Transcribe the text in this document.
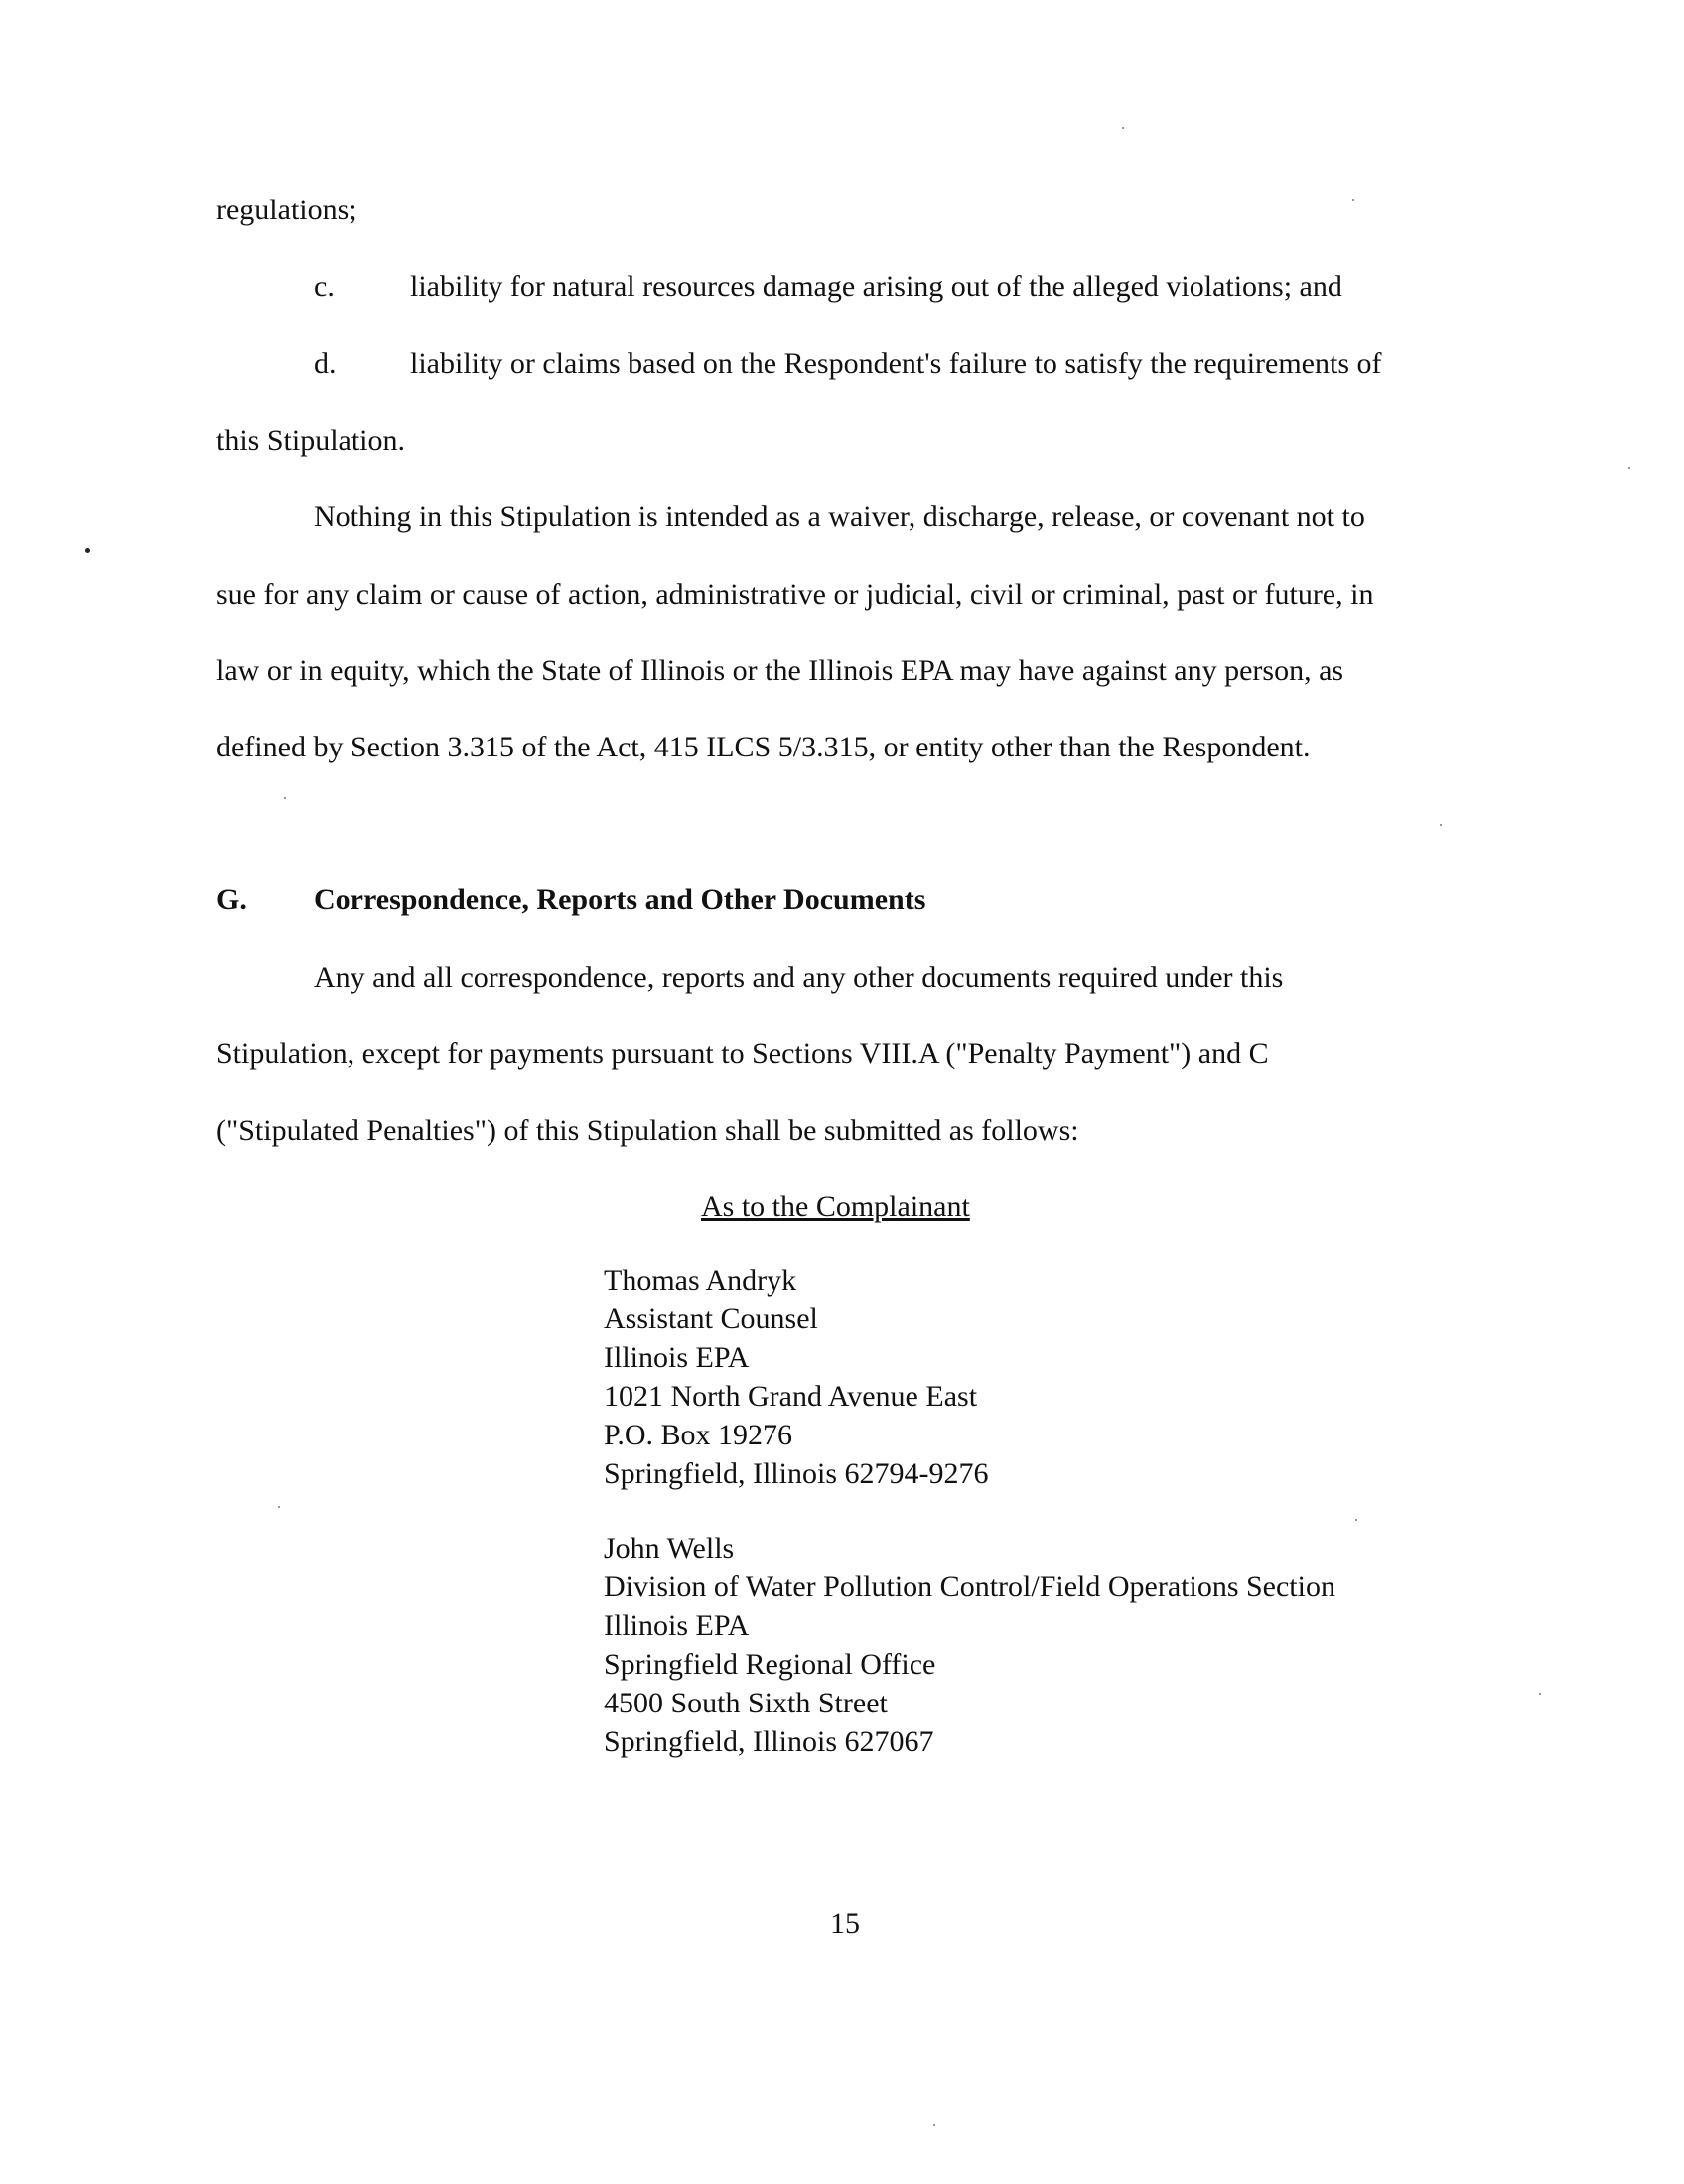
regulations;
c.	liability for natural resources damage arising out of the alleged violations; and
d. liability or claims based on the Respondent's failure to satisfy the requirements of
this Stipulation.
Nothing in this Stipulation is intended as a waiver, discharge, release, or covenant not to
sue for any claim or cause of action, administrative or judicial, civil or criminal, past or future, in
law or in equity, which the State of Illinois or the Illinois EPA may have against any person, as
defined by Section 3.315 of the Act, 415 ILCS 5/3.315, or entity other than the Respondent.
G. Correspondence, Reports and Other Documents
Any and all correspondence, reports and any other documents required under this
Stipulation, except for payments pursuant to Sections VIII.A ("Penalty Payment") and C
("Stipulated Penalties") of this Stipulation shall be submitted as follows:
As to the Complainant
Thomas Andryk
Assistant Counsel
Illinois EPA
1021 North Grand Avenue East
P.O. Box 19276
Springfield, Illinois 62794-9276
John Wells
Division of Water Pollution Control/Field Operations Section
Illinois EPA
Springfield Regional Office
4500 South Sixth Street
Springfield, Illinois 627067
15
